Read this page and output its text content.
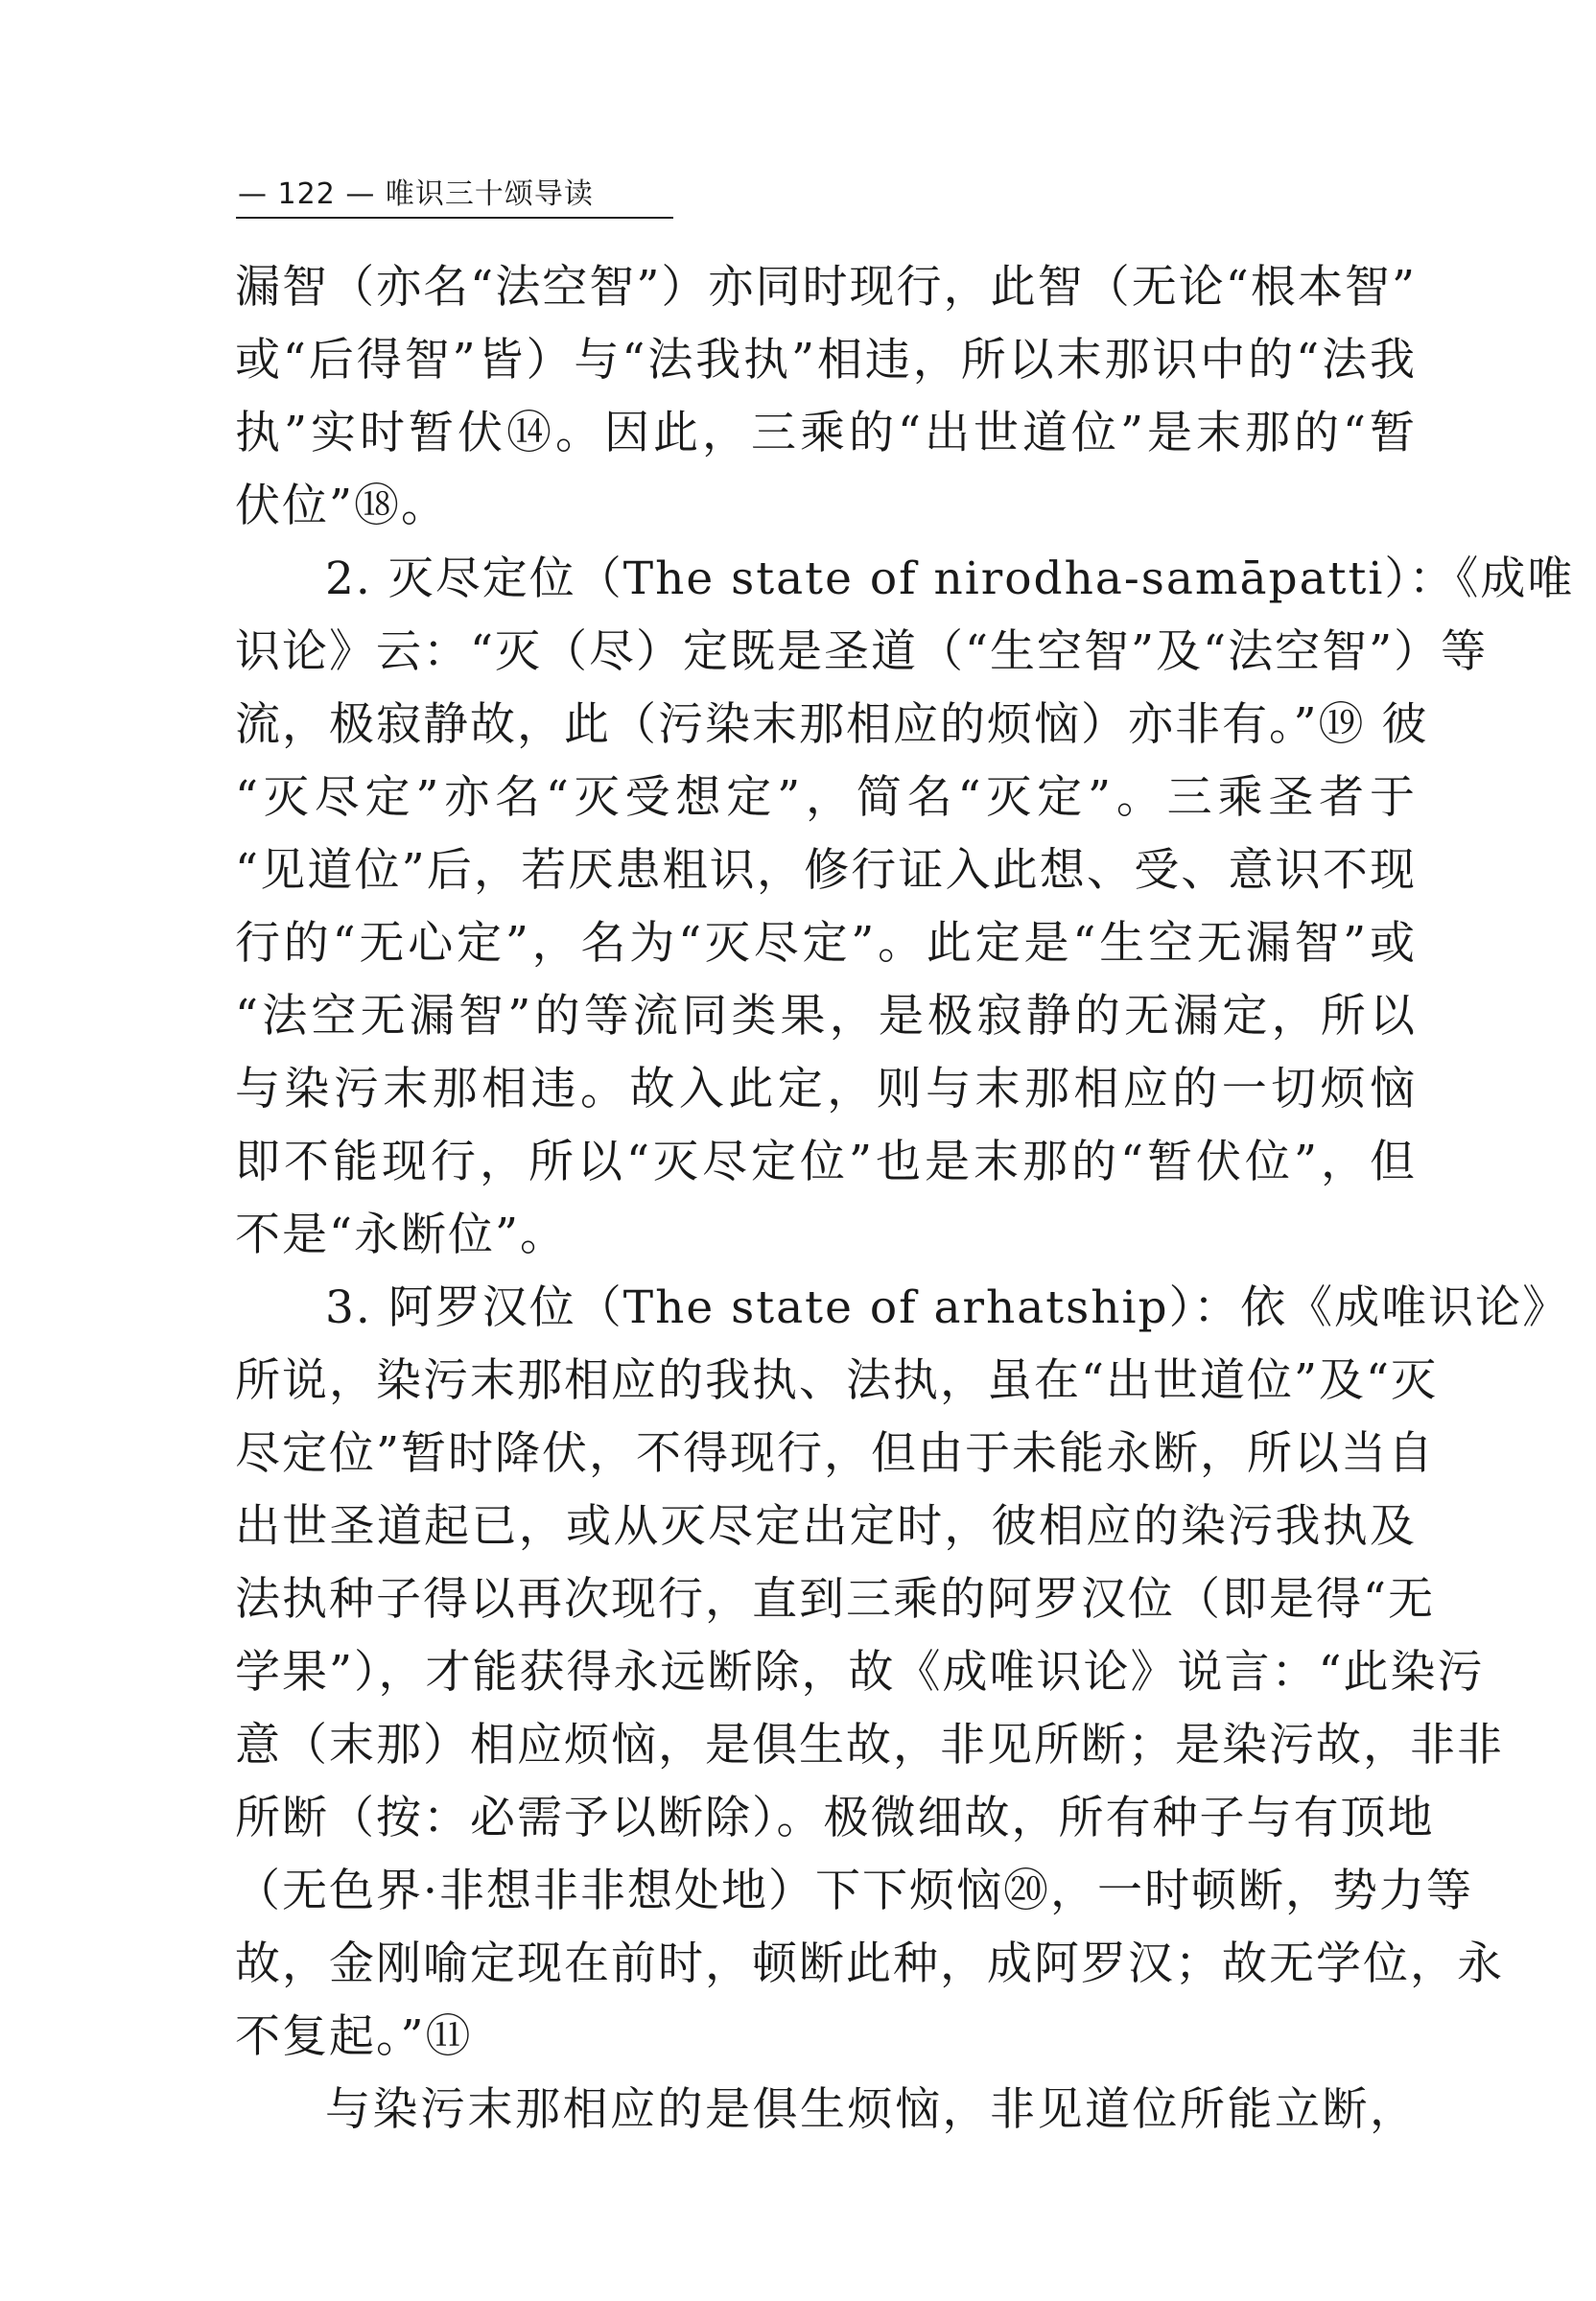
— 122 — 唯识三十颂导读
漏智（亦名“法空智”）亦同时现行，此智（无论“根本智”
或“后得智”皆）与“法我执”相违，所以末那识中的“法我
执”实时暂伏⑭。因此，三乘的“出世道位”是末那的“暂
伏位”⑱。
2. 灭尽定位（The state of nirodha-samāpatti）：《成唯
识论》云：“灭（尽）定既是圣道（“生空智”及“法空智”）等
流，极寂静故，此（污染末那相应的烦恼）亦非有。”⑲ 彼
“灭尽定”亦名“灭受想定”，简名“灭定”。三乘圣者于
“见道位”后，若厌患粗识，修行证入此想、受、意识不现
行的“无心定”，名为“灭尽定”。此定是“生空无漏智”或
“法空无漏智”的等流同类果，是极寂静的无漏定，所以
与染污末那相违。故入此定，则与末那相应的一切烦恼
即不能现行，所以“灭尽定位”也是末那的“暂伏位”，但
不是“永断位”。
3. 阿罗汉位（The state of arhatship）：依《成唯识论》
所说，染污末那相应的我执、法执，虽在“出世道位”及“灭
尽定位”暂时降伏，不得现行，但由于未能永断，所以当自
出世圣道起已，或从灭尽定出定时，彼相应的染污我执及
法执种子得以再次现行，直到三乘的阿罗汉位（即是得“无
学果”），才能获得永远断除，故《成唯识论》说言：“此染污
意（末那）相应烦恼，是俱生故，非见所断；是染污故，非非
所断（按：必需予以断除）。极微细故，所有种子与有顶地
（无色界·非想非非想处地）下下烦恼⑳，一时顿断，势力等
故，金刚喻定现在前时，顿断此种，成阿罗汉；故无学位，永
不复起。”⑪
与染污末那相应的是俱生烦恼，非见道位所能立断，
